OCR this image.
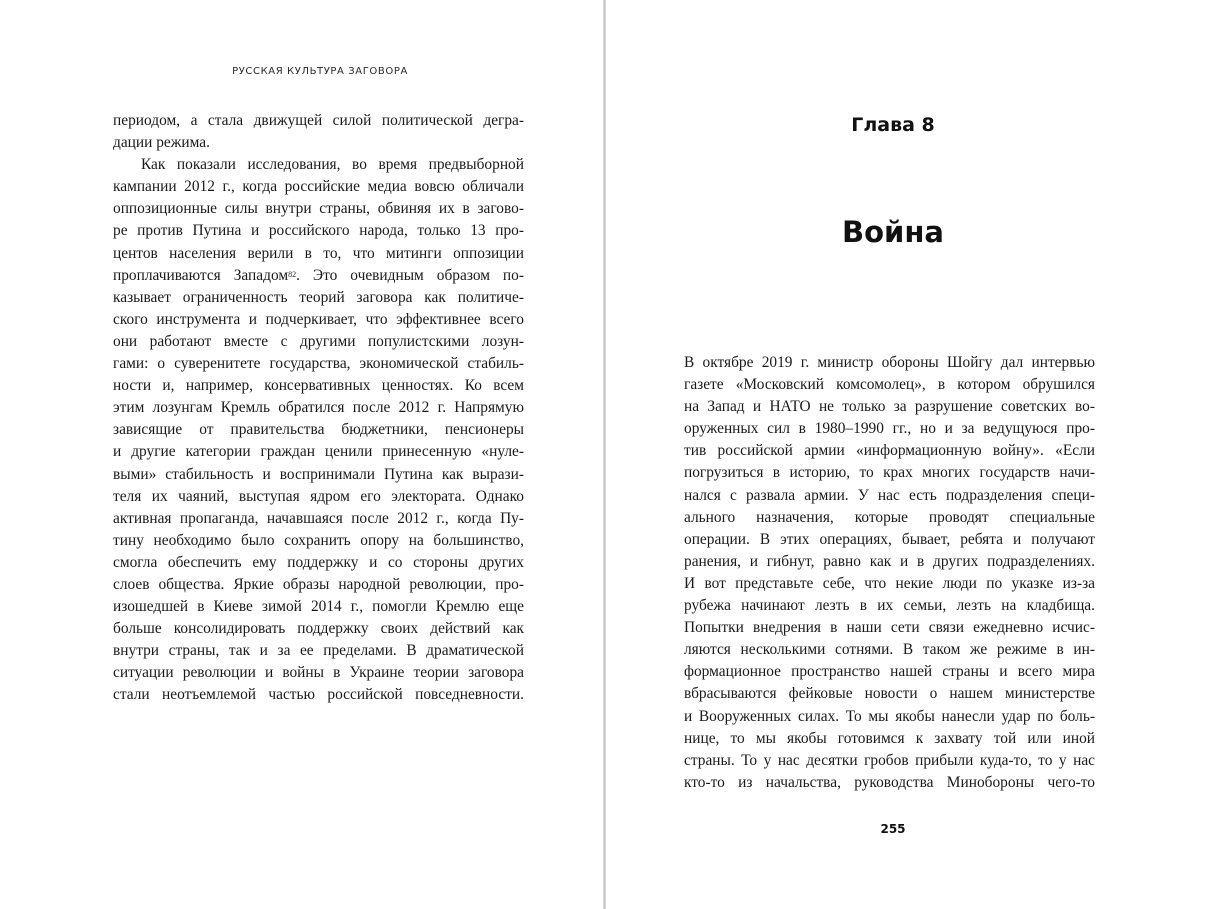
РУССКАЯ КУЛЬТУРА ЗАГОВОРА
периодом, а стала движущей силой политической дегра-
дации режима.
Как показали исследования, во время предвыборной
кампании 2012 г., когда российские медиа вовсю обличали
оппозиционные силы внутри страны, обвиняя их в загово-
ре против Путина и российского народа, только 13 про-
центов населения верили в то, что митинги оппозиции
проплачиваются Западом$^{82}$. Это очевидным образом по-
казывает ограниченность теорий заговора как политиче-
ского инструмента и подчеркивает, что эффективнее всего
они работают вместе с другими популистскими лозун-
гами: о суверенитете государства, экономической стабиль-
ности и, например, консервативных ценностях. Ко всем
этим лозунгам Кремль обратился после 2012 г. Напрямую
зависящие от правительства бюджетники, пенсионеры
и другие категории граждан ценили принесенную «нуле-
выми» стабильность и воспринимали Путина как вырази-
теля их чаяний, выступая ядром его электората. Однако
активная пропаганда, начавшаяся после 2012 г., когда Пу-
тину необходимо было сохранить опору на большинство,
смогла обеспечить ему поддержку и со стороны других
слоев общества. Яркие образы народной революции, про-
изошедшей в Киеве зимой 2014 г., помогли Кремлю еще
больше консолидировать поддержку своих действий как
внутри страны, так и за ее пределами. В драматической
ситуации революции и войны в Украине теории заговора
стали неотъемлемой частью российской повседневности.
Глава 8
Война
В октябре 2019 г. министр обороны Шойгу дал интервью
газете «Московский комсомолец», в котором обрушился
на Запад и НАТО не только за разрушение советских во-
оруженных сил в 1980–1990 гг., но и за ведущуюся про-
тив российской армии «информационную войну». «Если
погрузиться в историю, то крах многих государств начи-
нался с развала армии. У нас есть подразделения специ-
ального назначения, которые проводят специальные
операции. В этих операциях, бывает, ребята и получают
ранения, и гибнут, равно как и в других подразделениях.
И вот представьте себе, что некие люди по указке из-за
рубежа начинают лезть в их семьи, лезть на кладбища.
Попытки внедрения в наши сети связи ежедневно исчис-
ляются несколькими сотнями. В таком же режиме в ин-
формационное пространство нашей страны и всего мира
вбрасываются фейковые новости о нашем министерстве
и Вооруженных силах. То мы якобы нанесли удар по боль-
нице, то мы якобы готовимся к захвату той или иной
страны. То у нас десятки гробов прибыли куда-то, то у нас
кто-то из начальства, руководства Минобороны чего-то
255
